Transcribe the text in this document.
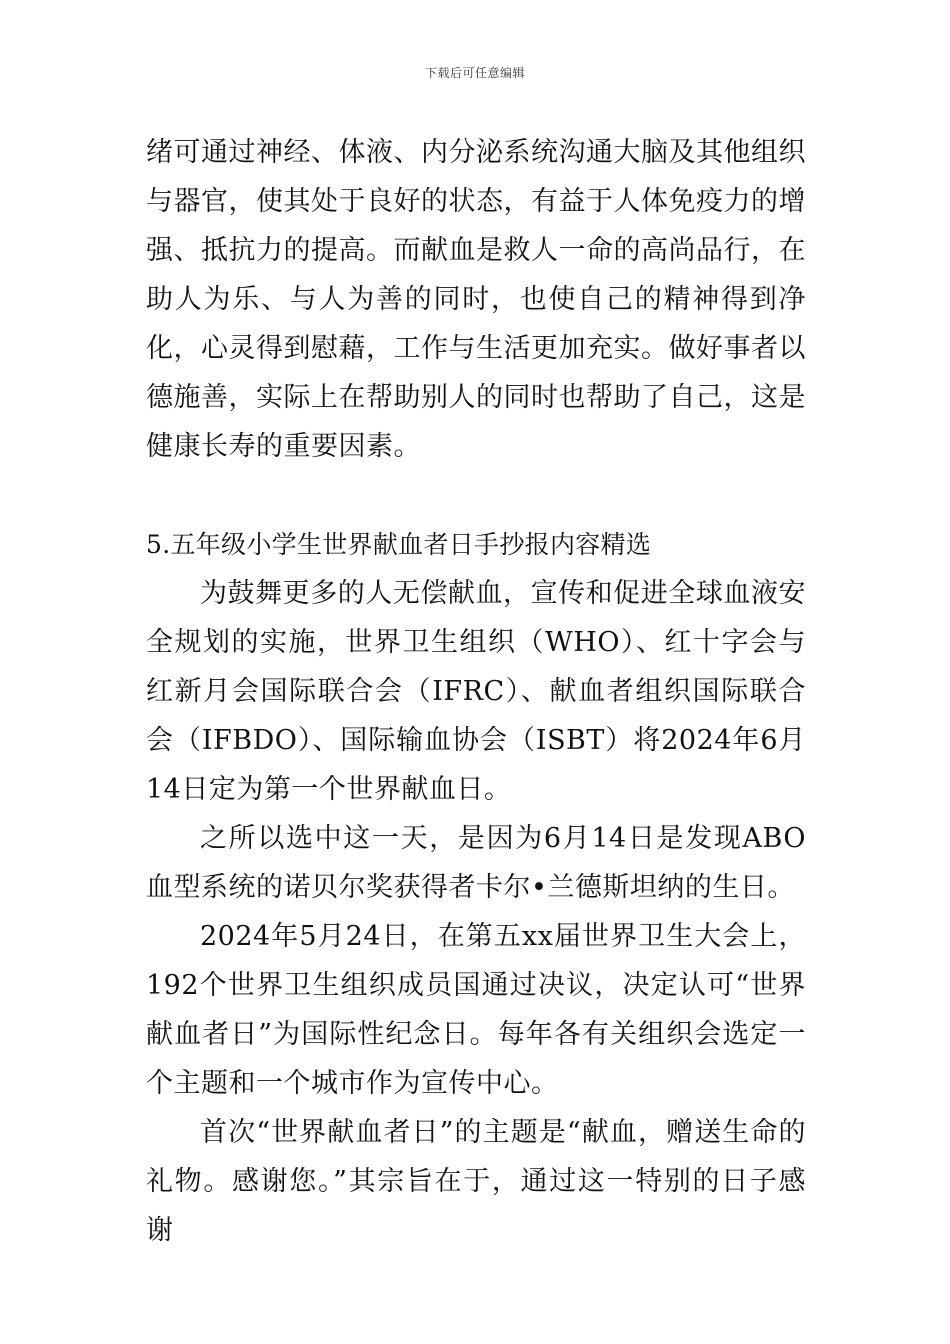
下载后可任意编辑

绪可通过神经、体液、内分泌系统沟通大脑及其他组织与器官，使其处于良好的状态，有益于人体免疫力的增强、抵抗力的提高。而献血是救人一命的高尚品行，在助人为乐、与人为善的同时，也使自己的精神得到净化，心灵得到慰藉，工作与生活更加充实。做好事者以德施善，实际上在帮助别人的同时也帮助了自己，这是健康长寿的重要因素。

5.五年级小学生世界献血者日手抄报内容精选

为鼓舞更多的人无偿献血，宣传和促进全球血液安全规划的实施，世界卫生组织（WHO）、红十字会与红新月会国际联合会（IFRC）、献血者组织国际联合会（IFBDO）、国际输血协会（ISBT）将2024年6月14日定为第一个世界献血日。

之所以选中这一天，是因为6月14日是发现ABO血型系统的诺贝尔奖获得者卡尔•兰德斯坦纳的生日。

2024年5月24日，在第五xx届世界卫生大会上，192个世界卫生组织成员国通过决议，决定认可“世界献血者日”为国际性纪念日。每年各有关组织会选定一个主题和一个城市作为宣传中心。

首次“世界献血者日”的主题是“献血，赠送生命的礼物。感谢您。”其宗旨在于，通过这一特别的日子感谢
